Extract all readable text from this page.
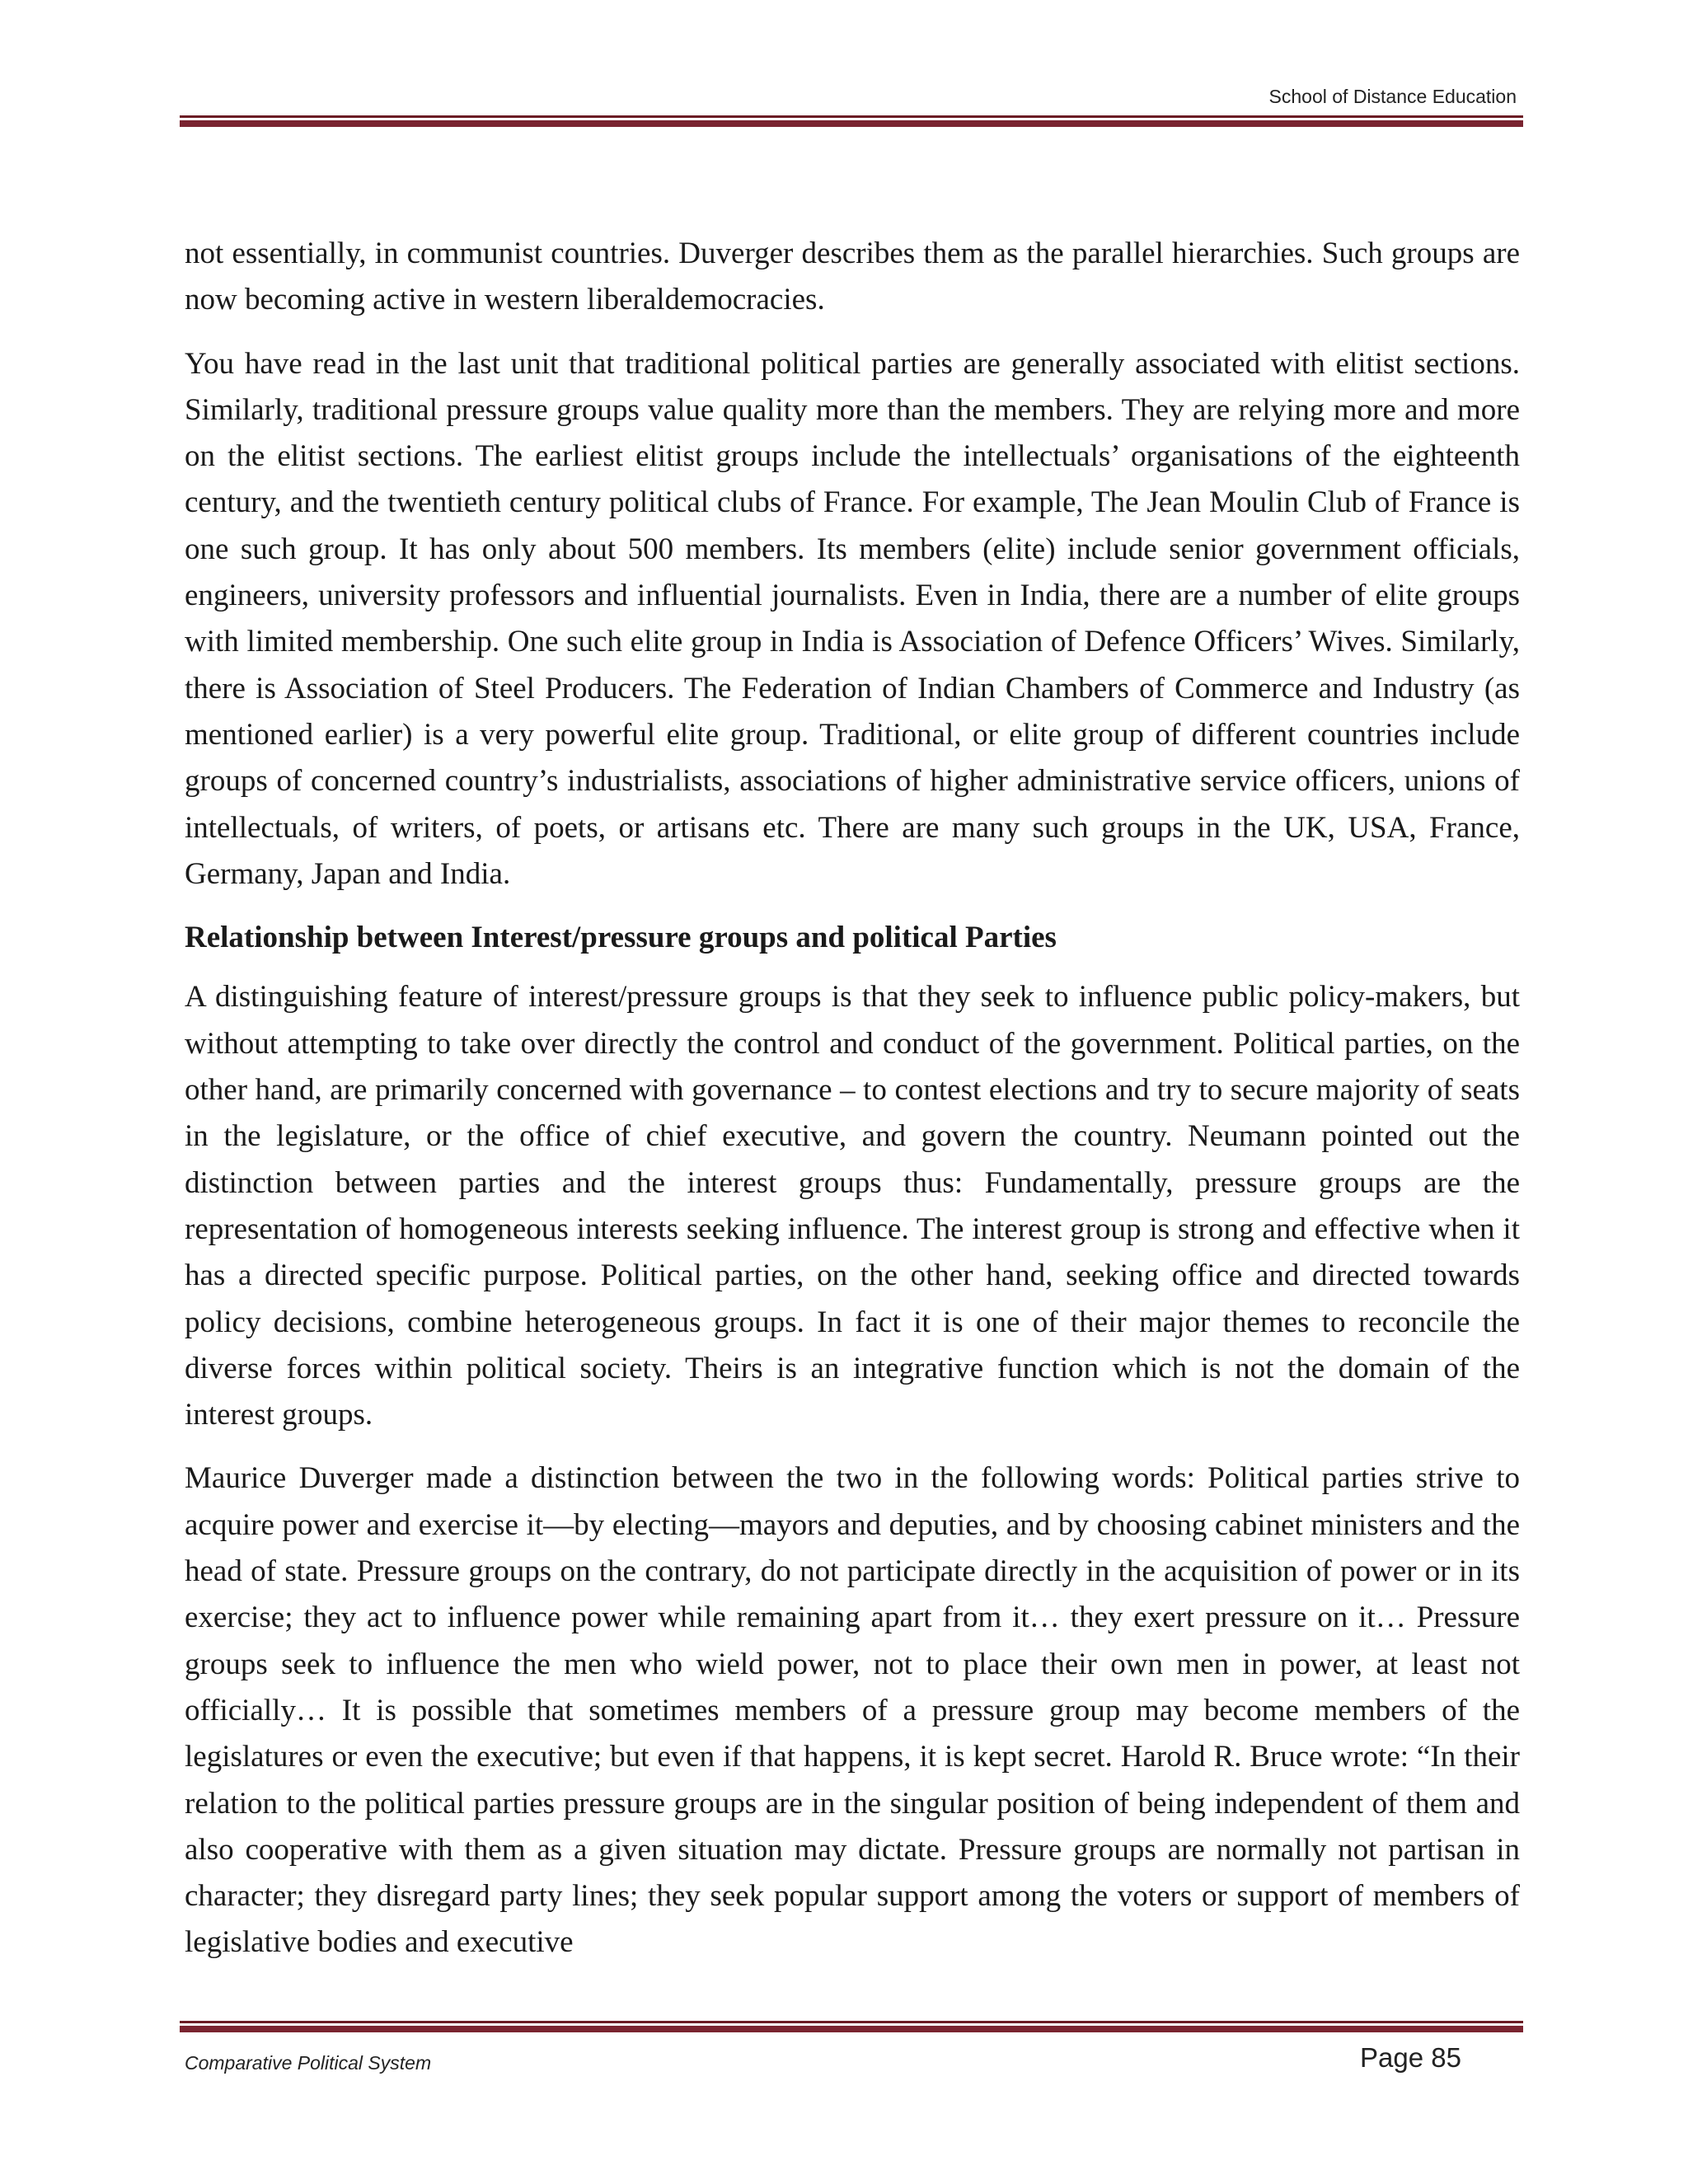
School of Distance Education

not essentially, in communist countries. Duverger describes them as the parallel hierarchies. Such groups are now becoming active in western liberaldemocracies.

You have read in the last unit that traditional political parties are generally associated with elitist sections. Similarly, traditional pressure groups value quality more than the members. They are relying more and more on the elitist sections. The earliest elitist groups include the intellectuals’ organisations of the eighteenth century, and the twentieth century political clubs of France. For example, The Jean Moulin Club of France is one such group. It has only about 500 members. Its members (elite) include senior government officials, engineers, university professors and influential journalists. Even in India, there are a number of elite groups with limited membership. One such elite group in India is Association of Defence Officers’ Wives. Similarly, there is Association of Steel Producers. The Federation of Indian Chambers of Commerce and Industry (as mentioned earlier) is a very powerful elite group. Traditional, or elite group of different countries include groups of concerned country’s industrialists, associations of higher administrative service officers, unions of intellectuals, of writers, of poets, or artisans etc. There are many such groups in the UK, USA, France, Germany, Japan and India.

Relationship between Interest/pressure groups and political Parties

A distinguishing feature of interest/pressure groups is that they seek to influence public policy-makers, but without attempting to take over directly the control and conduct of the government. Political parties, on the other hand, are primarily concerned with governance – to contest elections and try to secure majority of seats in the legislature, or the office of chief executive, and govern the country. Neumann pointed out the distinction between parties and the interest groups thus: Fundamentally, pressure groups are the representation of homogeneous interests seeking influence. The interest group is strong and effective when it has a directed specific purpose. Political parties, on the other hand, seeking office and directed towards policy decisions, combine heterogeneous groups. In fact it is one of their major themes to reconcile the diverse forces within political society. Theirs is an integrative function which is not the domain of the interest groups.

Maurice Duverger made a distinction between the two in the following words: Political parties strive to acquire power and exercise it—by electing—mayors and deputies, and by choosing cabinet ministers and the head of state. Pressure groups on the contrary, do not participate directly in the acquisition of power or in its exercise; they act to influence power while remaining apart from it… they exert pressure on it… Pressure groups seek to influence the men who wield power, not to place their own men in power, at least not officially… It is possible that sometimes members of a pressure group may become members of the legislatures or even the executive; but even if that happens, it is kept secret. Harold R. Bruce wrote: “In their relation to the political parties pressure groups are in the singular position of being independent of them and also cooperative with them as a given situation may dictate. Pressure groups are normally not partisan in character; they disregard party lines; they seek popular support among the voters or support of members of legislative bodies and executive

Comparative Political System	Page 85
